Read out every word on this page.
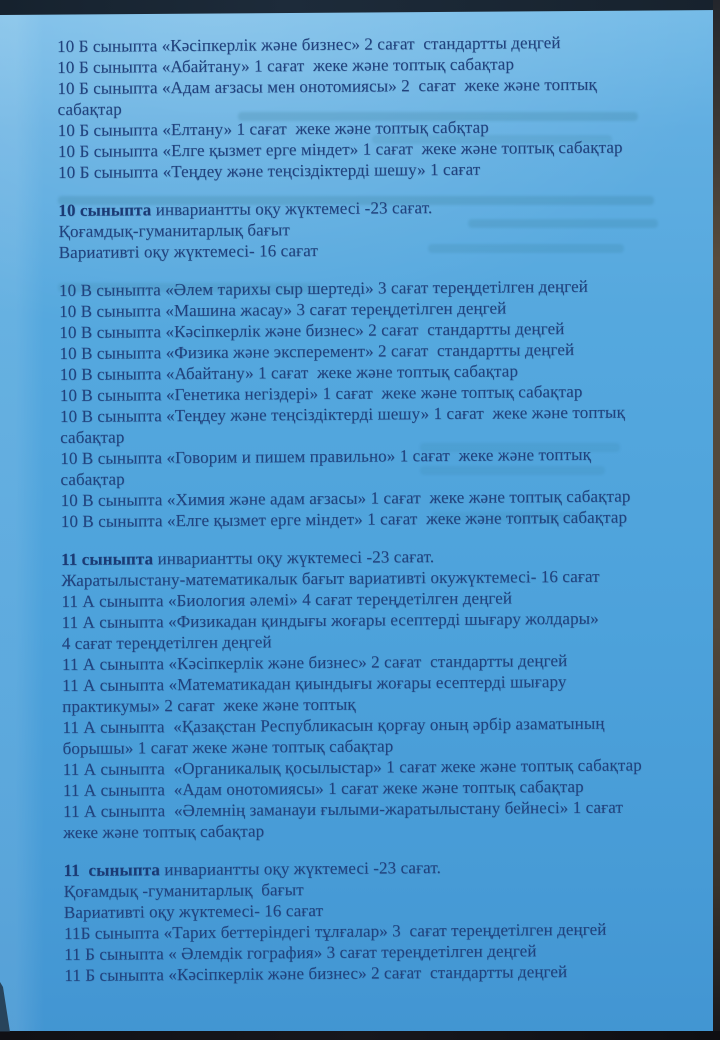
10 Б сыныпта «Кәсіпкерлік және бизнес» 2 сағат  стандартты деңгей
10 Б сыныпта «Абайтану» 1 сағат  жеке және топтық сабақтар
10 Б сыныпта «Адам ағзасы мен онотомиясы» 2  сағат  жеке және топтық
сабақтар
10 Б сыныпта «Елтану» 1 сағат  жеке және топтық сабқтар
10 Б сыныпта «Елге қызмет ерге міндет» 1 сағат  жеке және топтық сабақтар
10 Б сыныпта «Теңдеу және теңсіздіктерді шешу» 1 сағат
10 сыныпта инвариантты оқу жүктемесі -23 сағат.
Қоғамдық-гуманитарлық бағыт
Вариативті оқу жүктемесі- 16 сағат
10 В сыныпта «Әлем тарихы сыр шертеді» 3 сағат тереңдетілген деңгей
10 В сыныпта «Машина жасау» 3 сағат тереңдетілген деңгей
10 В сыныпта «Кәсіпкерлік және бизнес» 2 сағат  стандартты деңгей
10 В сыныпта «Физика және эксперемент» 2 сағат  стандартты деңгей
10 В сыныпта «Абайтану» 1 сағат  жеке және топтық сабақтар
10 В сыныпта «Генетика негіздері» 1 сағат  жеке және топтық сабақтар
10 В сыныпта «Теңдеу және теңсіздіктерді шешу» 1 сағат  жеке және топтық
сабақтар
10 В сыныпта «Говорим и пишем правильно» 1 сағат  жеке және топтық
сабақтар
10 В сыныпта «Химия және адам ағзасы» 1 сағат  жеке және топтық сабақтар
10 В сыныпта «Елге қызмет ерге міндет» 1 сағат  жеке және топтық сабақтар
11 сыныпта инвариантты оқу жүктемесі -23 сағат.
Жаратылыстану-математикалык бағыт вариативті окужүктемесі- 16 сағат
11 А сыныпта «Биология әлемі» 4 сағат тереңдетілген деңгей
11 А сыныпта «Физикадан қиндығы жоғары есептерді шығару жолдары»
4 сағат тереңдетілген деңгей
11 А сыныпта «Кәсіпкерлік және бизнес» 2 сағат  стандартты деңгей
11 А сыныпта «Математикадан қиындығы жоғары есептерді шығару
практикумы» 2 сағат  жеке және топтық
11 А сыныпта  «Қазақстан Республикасын қорғау оның әрбір азаматының
борышы» 1 сағат жеке және топтық сабақтар
11 А сыныпта  «Органикалық қосылыстар» 1 сағат жеке және топтық сабақтар
11 А сыныпта  «Адам онотомиясы» 1 сағат жеке және топтық сабақтар
11 А сыныпта  «Әлемнің заманауи ғылыми-жаратылыстану бейнесі» 1 сағат
жеке және топтық сабақтар
11  сыныпта инвариантты оқу жүктемесі -23 сағат.
Қоғамдық -гуманитарлық  бағыт
Вариативті оқу жүктемесі- 16 сағат
11Б сыныпта «Тарих беттеріндегі тұлғалар» 3  сағат тереңдетілген деңгей
11 Б сыныпта « Әлемдік гография» 3 сағат тереңдетілген деңгей
11 Б сыныпта «Кәсіпкерлік және бизнес» 2 сағат  стандартты деңгей
